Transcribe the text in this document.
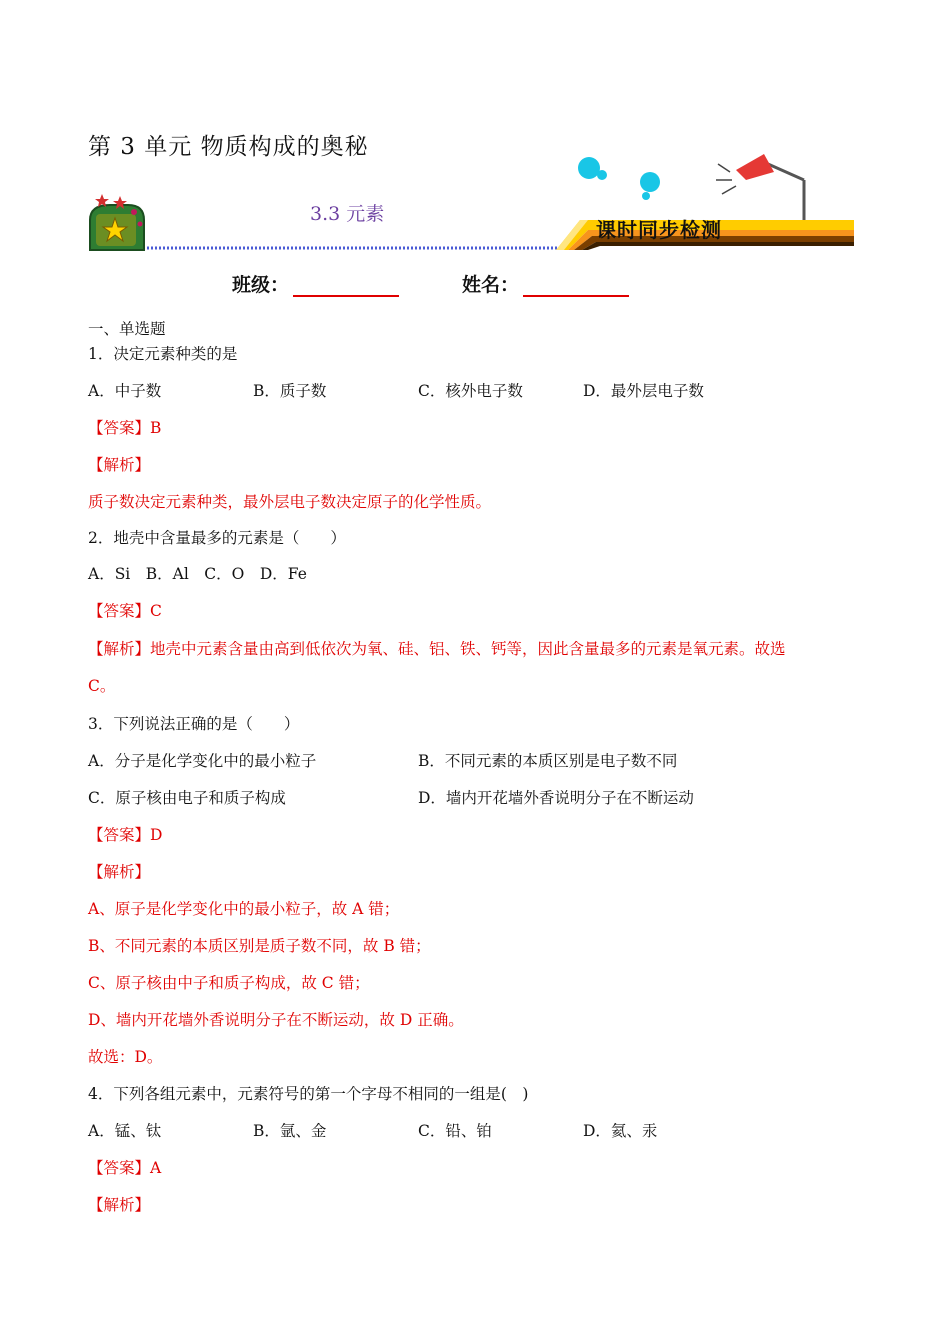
第 3 单元 物质构成的奥秘
3.3 元素
课时同步检测
班级：	姓名：
一、单选题
1．决定元素种类的是
A．中子数	B．质子数	C．核外电子数	D．最外层电子数
【答案】B
【解析】
质子数决定元素种类，最外层电子数决定原子的化学性质。
2．地壳中含量最多的元素是（　　）
A．Si　B．Al　C．O　D．Fe
【答案】C
【解析】地壳中元素含量由高到低依次为氧、硅、铝、铁、钙等，因此含量最多的元素是氧元素。故选
C。
3．下列说法正确的是（　　）
A．分子是化学变化中的最小粒子	B．不同元素的本质区别是电子数不同
C．原子核由电子和质子构成	D．墙内开花墙外香说明分子在不断运动
【答案】D
【解析】
A、原子是化学变化中的最小粒子，故 A 错；
B、不同元素的本质区别是质子数不同，故 B 错；
C、原子核由中子和质子构成，故 C 错；
D、墙内开花墙外香说明分子在不断运动，故 D 正确。
故选：D。
4．下列各组元素中，元素符号的第一个字母不相同的一组是(　)
A．锰、钛	B．氩、金	C．铅、铂	D．氦、汞
【答案】A
【解析】
